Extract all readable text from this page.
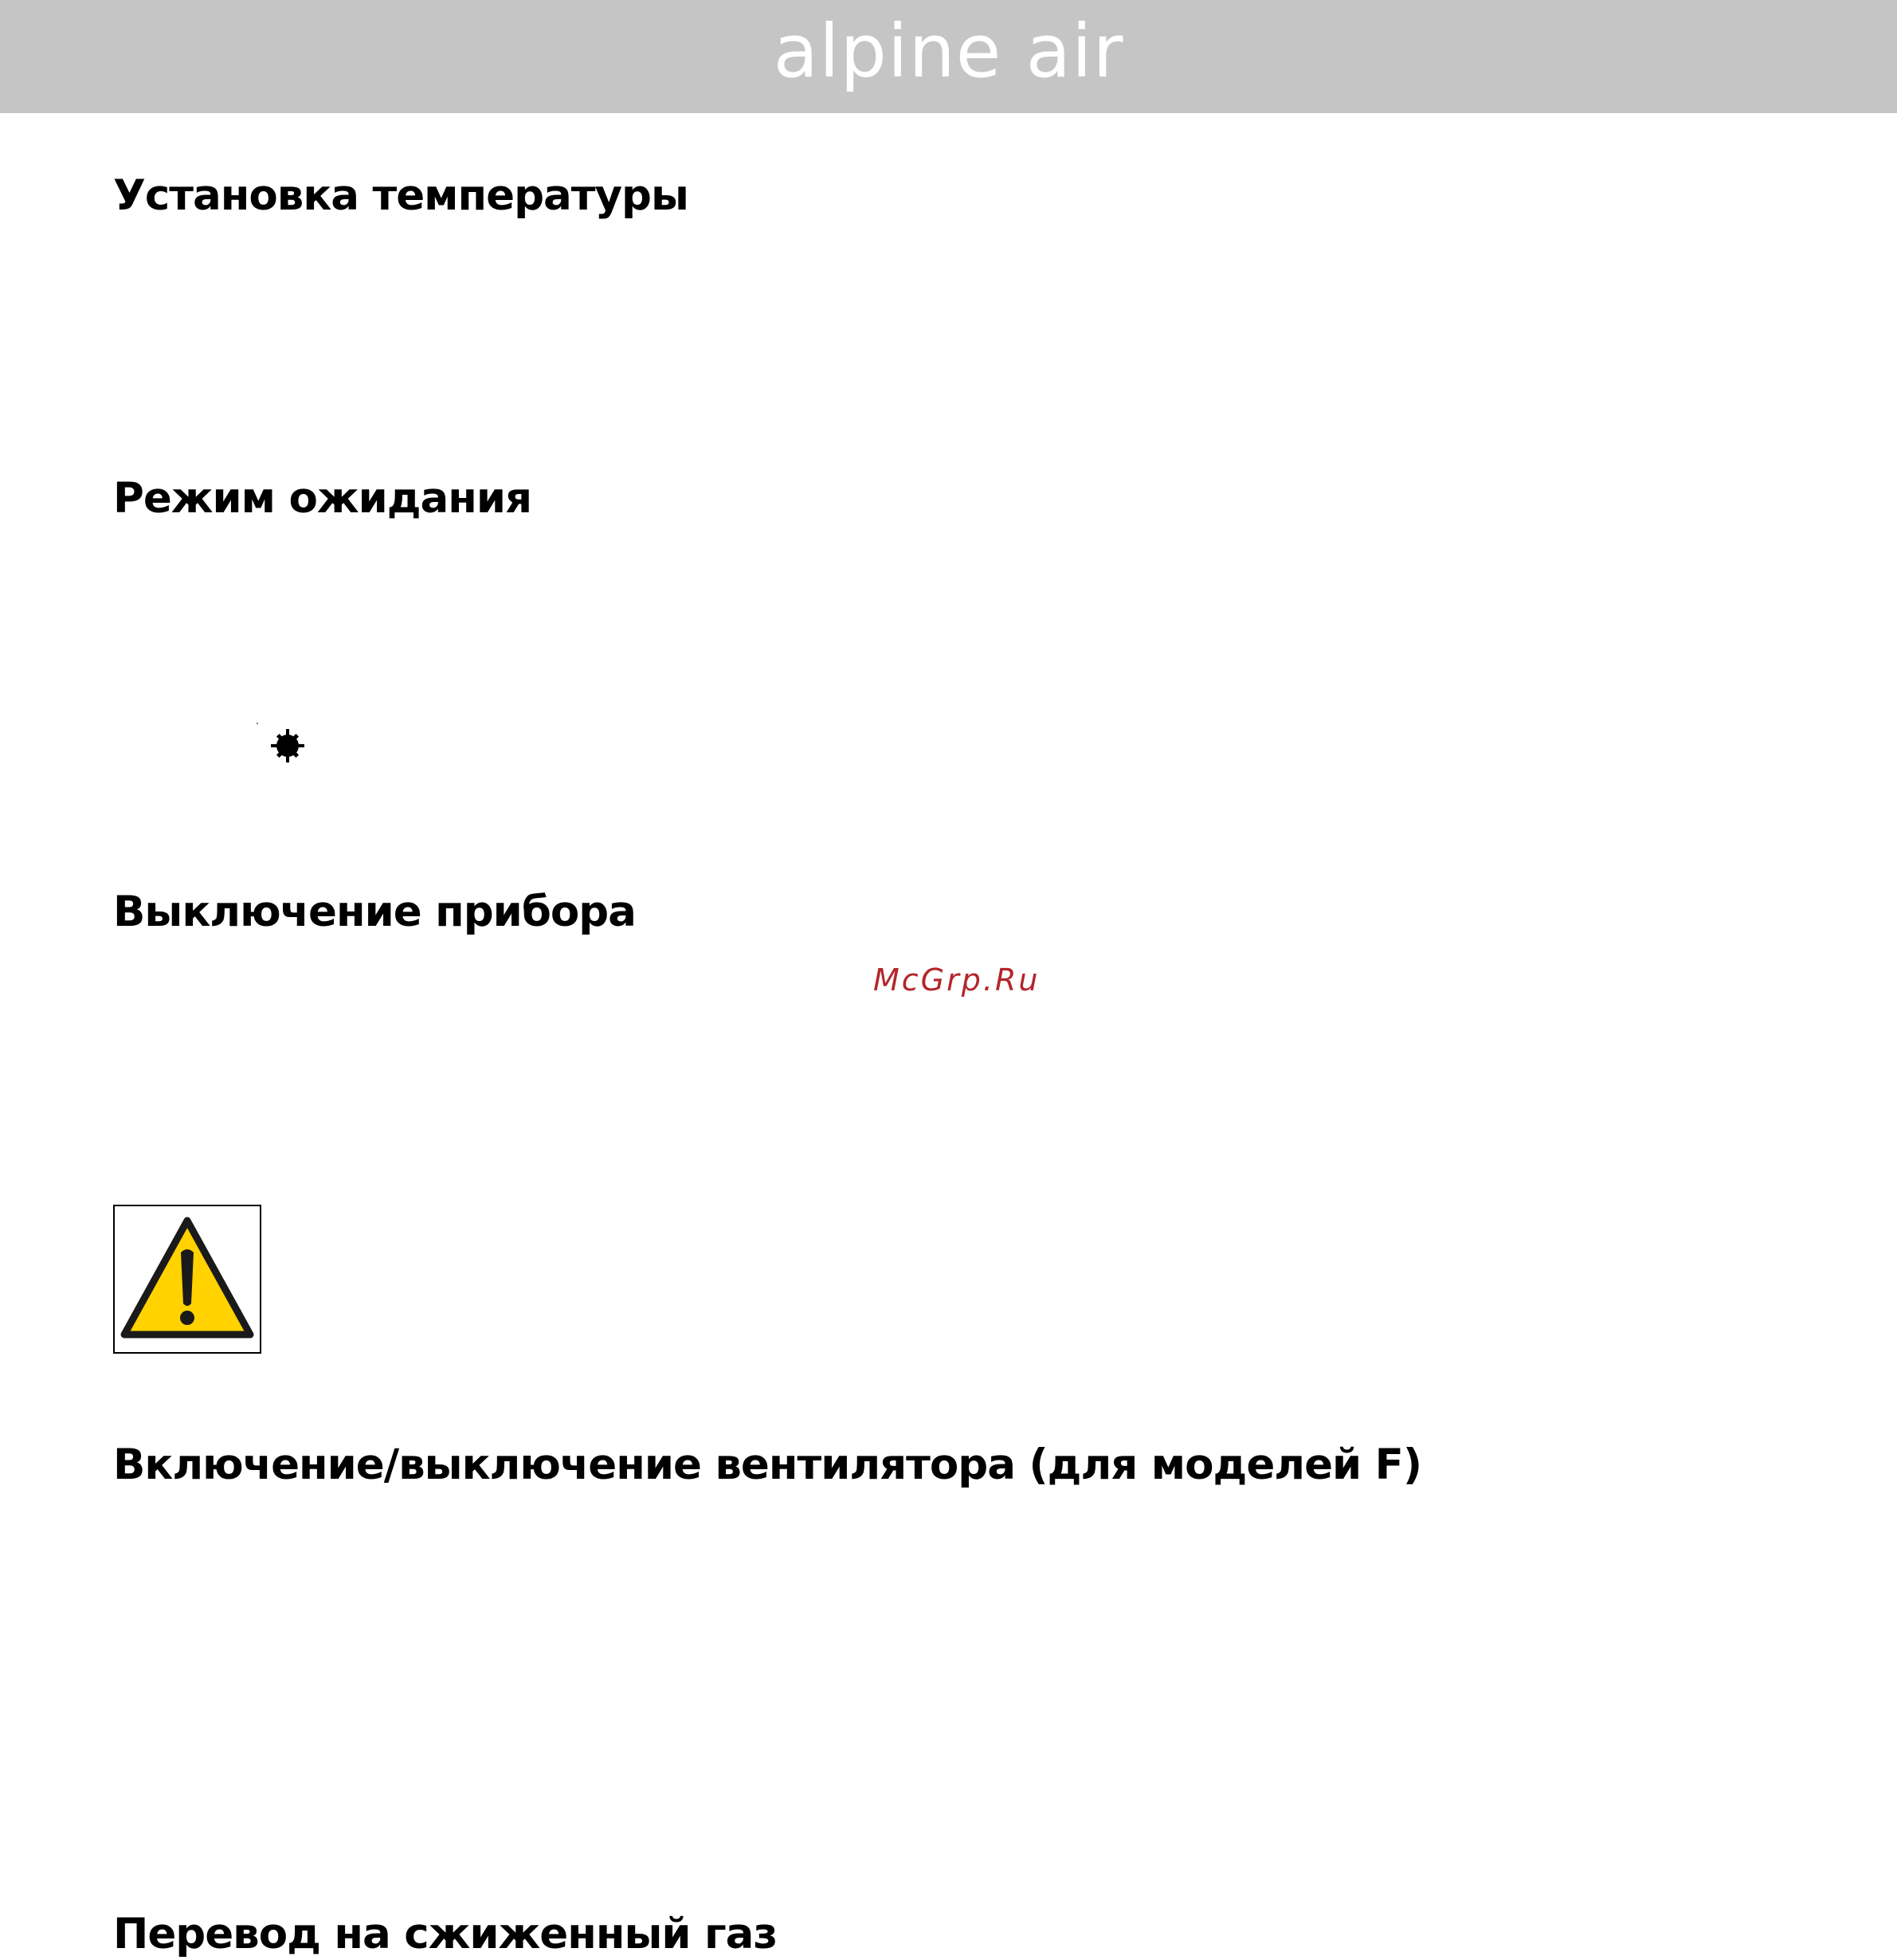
alpine air
Установка температуры
Режим ожидания
Выключение прибора
McGrp.Ru
Включение/выключение вентилятора (для моделей F)
Перевод на сжиженный газ
